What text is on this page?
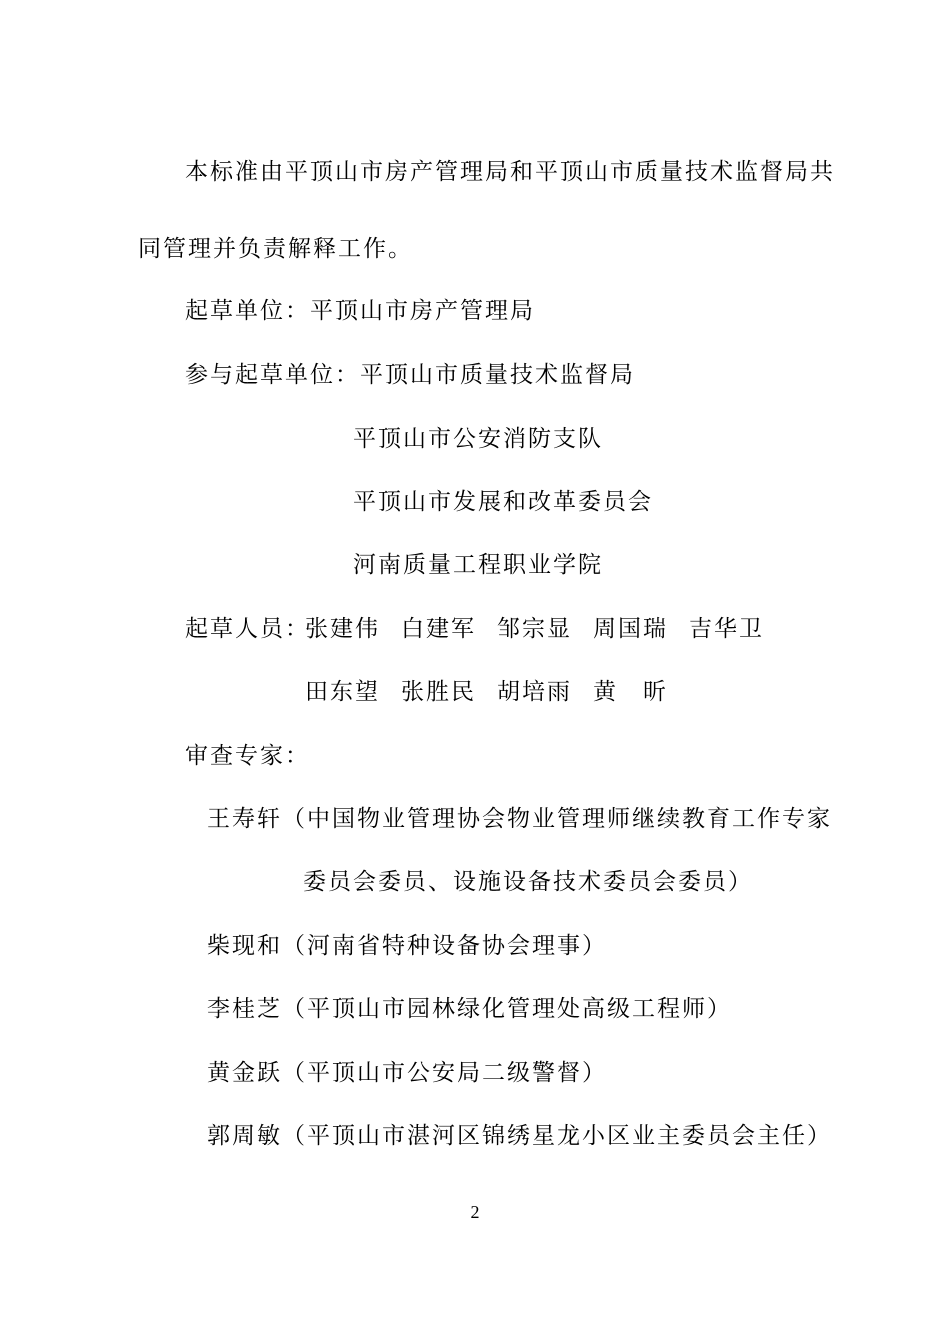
本标准由平顶山市房产管理局和平顶山市质量技术监督局共
同管理并负责解释工作。
起草单位：平顶山市房产管理局
参与起草单位：平顶山市质量技术监督局
平顶山市公安消防支队
平顶山市发展和改革委员会
河南质量工程职业学院
起草人员：张建伟 白建军 邹宗显 周国瑞 吉华卫
田东望 张胜民 胡培雨 黄　昕
审查专家：
王寿轩（中国物业管理协会物业管理师继续教育工作专家
委员会委员、设施设备技术委员会委员）
柴现和（河南省特种设备协会理事）
李桂芝（平顶山市园林绿化管理处高级工程师）
黄金跃（平顶山市公安局二级警督）
郭周敏（平顶山市湛河区锦绣星龙小区业主委员会主任）
2
